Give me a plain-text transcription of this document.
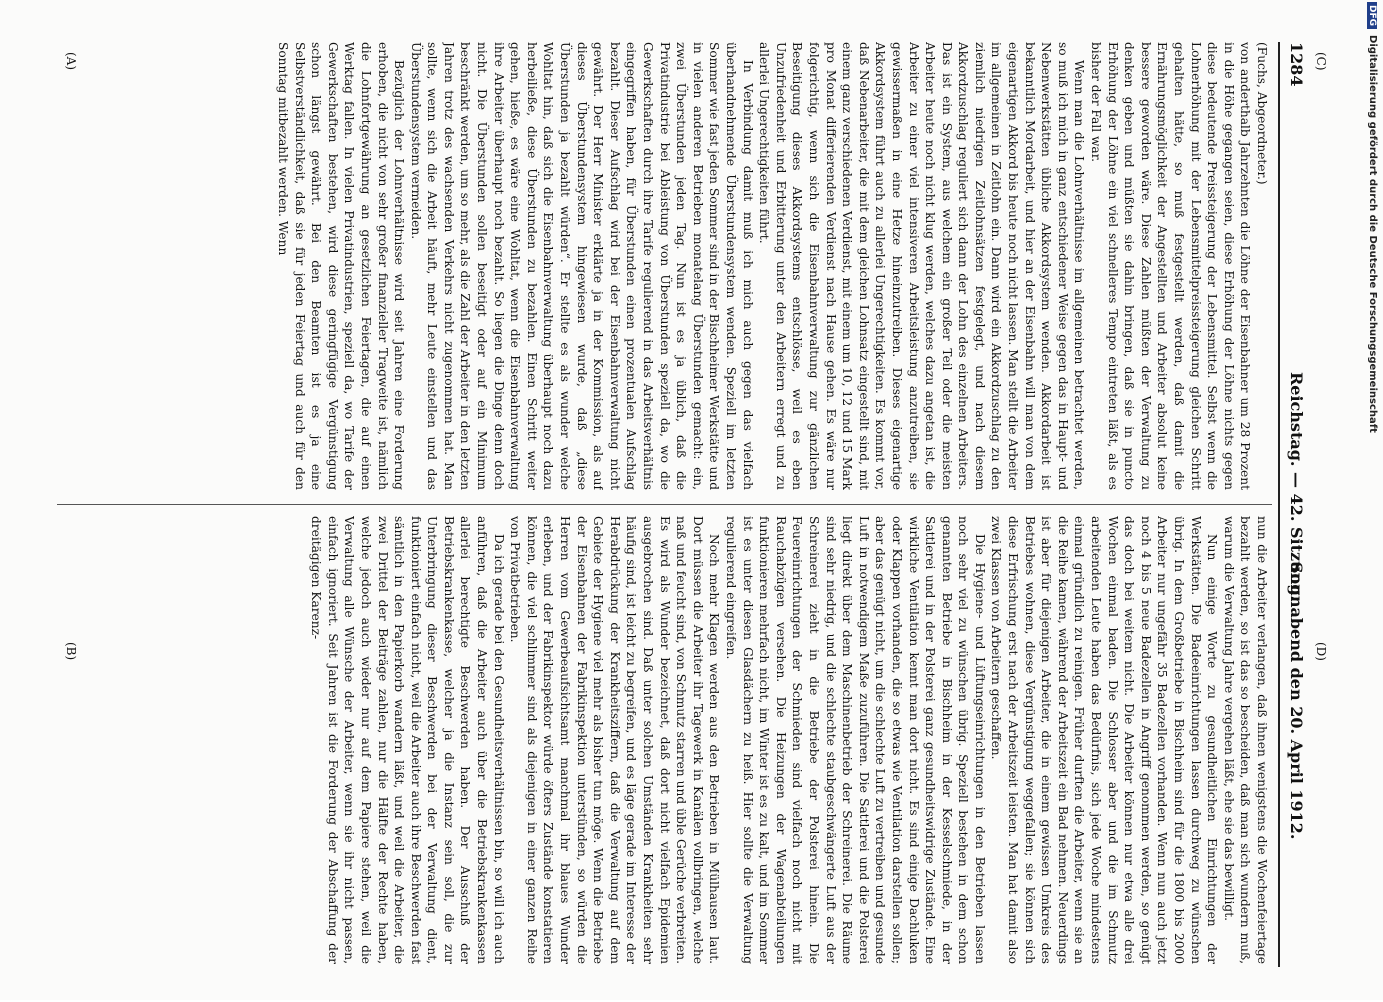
1284
Reichstag. — 42. Sitzung.
Sonnabend den 20. April 1912.

(Fuchs, Abgeordneter.)

von anderthalb Jahrzehnten die Löhne der Eisenbahner um 28 Prozent in die Höhe gegangen seien, diese Erhöhung der Löhne nichts gegen diese bedeutende Preissteigerung der Lebensmittel. Selbst wenn die Lohnerhöhung mit der Lebensmittelpreissteigerung gleichen Schritt gehalten hätte, so muß festgestellt werden, daß damit die Ernährungsmöglichkeit der Angestellten und Arbeiter absolut keine bessere geworden wäre. Diese Zahlen müßten der Verwaltung zu denken geben und müßten sie dahin bringen, daß sie in puncto Erhöhung der Löhne ein viel schnelleres Tempo eintreten läßt, als es bisher der Fall war.

Wenn man die Lohnverhältnisse im allgemeinen betrachtet werden, so muß ich mich in ganz entschiedener Weise gegen das in Haupt- und Nebenwerkstätten übliche Akkordsystem wenden. Akkordarbeit ist bekanntlich Mordarbeit, und hier an der Eisenbahn will man von dem eigenartigen Akkord bis heute noch nicht lassen. Man stellt die Arbeiter im allgemeinen in Zeitlohn ein. Dann wird ein Akkordzuschlag zu den ziemlich niedrigen Zeitlohnsätzen festgelegt, und nach diesem Akkordzuschlag reguliert sich dann der Lohn des einzelnen Arbeiters. Das ist ein System, aus welchem ein großer Teil oder die meisten Arbeiter heute noch nicht klug werden, welches dazu angetan ist, die Arbeiter zu einer viel intensiveren Arbeitsleistung anzutreiben, sie gewissermaßen in eine Hetze hineinzutreiben. Dieses eigenartige Akkordsystem führt auch zu allerlei Ungerechtigkeiten. Es kommt vor, daß Nebenarbeiter, die mit dem gleichen Lohnsatz eingestellt sind, mit einem ganz verschiedenen Verdienst, mit einem um 10, 12 und 15 Mark pro Monat differierenden Verdienst nach Hause gehen. Es wäre nur folgerichtig, wenn sich die Eisenbahnverwaltung zur gänzlichen Beseitigung dieses Akkordsystems entschlösse, weil es eben Unzufriedenheit und Erbitterung unter den Arbeitern erregt und zu allerlei Ungerechtigkeiten führt.

In Verbindung damit muß ich mich auch gegen das vielfach überhandnehmende Überstundensystem wenden. Speziell im letzten Sommer wie fast jeden Sommer sind in der Bischheimer Werkstätte und in vielen anderen Betrieben monatelang Überstunden gemacht: ein, zwei Überstunden jeden Tag. Nun ist es ja üblich, daß die Privatindustrie bei Ableistung von Überstunden speziell da, wo die Gewerkschaften durch ihre Tarife regulierend in das Arbeitsverhältnis eingegriffen haben, für Überstunden einen prozentualen Aufschlag bezahlt. Dieser Aufschlag wird bei der Eisenbahnverwaltung nicht gewährt. Der Herr Minister erklärte ja in der Kommission, als auf dieses Überstundensystem hingewiesen wurde, daß „diese Überstunden ja bezahlt würden“. Er stellte es als wunder welche Wohltat hin, daß sich die Eisenbahnverwaltung überhaupt noch dazu herbeiließe, diese Überstunden zu bezahlen. Einen Schritt weiter gehen, hieße, es wäre eine Wohltat, wenn die Eisenbahnverwaltung ihre Arbeiter überhaupt noch bezahlt. So liegen die Dinge denn doch nicht. Die Überstunden sollen beseitigt oder auf ein Minimum beschränkt werden, um so mehr, als die Zahl der Arbeiter in den letzten Jahren trotz des wachsenden Verkehrs nicht zugenommen hat. Man sollte, wenn sich die Arbeit häuft, mehr Leute einstellen und das Überstundensystem vermeiden.

Bezüglich der Lohnverhältnisse wird seit Jahren eine Forderung erhoben, die nicht von sehr großer finanzieller Tragweite ist, nämlich die Lohnfortgewährung an gesetzlichen Feiertagen, die auf einen Werktag fallen. In vielen Privatindustrien, speziell da, wo Tarife der Gewerkschaften bestehen, wird diese geringfügige Vergünstigung schon längst gewährt. Bei den Beamten ist es ja eine Selbstverständlichkeit, daß sie für jeden Feiertag und auch für den Sonntag mitbezahlt werden. Wenn

nun die Arbeiter verlangen, daß ihnen wenigstens die Wochenfeiertage bezahlt werden, so ist das so bescheiden, daß man sich wundern muß, warum die Verwaltung Jahre vergehen läßt, ehe sie das bewilligt.

Nun einige Worte zu gesundheitlichen Einrichtungen der Werkstätten. Die Badeeinrichtungen lassen durchweg zu wünschen übrig. In dem Großbetriebe in Bischheim sind für die 1800 bis 2000 Arbeiter nur ungefähr 35 Badezellen vorhanden. Wenn nun auch jetzt noch 4 bis 5 neue Badezellen in Angriff genommen werden, so genügt das doch bei weitem nicht. Die Arbeiter können nur etwa alle drei Wochen einmal baden. Die Schlosser aber und die im Schmutz arbeitenden Leute haben das Bedürfnis, sich jede Woche mindestens einmal gründlich zu reinigen. Früher durften die Arbeiter, wenn sie an die Reihe kamen, während der Arbeitszeit ein Bad nehmen. Neuerdings ist aber für diejenigen Arbeiter, die in einem gewissen Umkreis des Betriebes wohnen, diese Vergünstigung weggefallen; sie können sich diese Erfrischung erst nach der Arbeitszeit leisten. Man hat damit also zwei Klassen von Arbeitern geschaffen.

Die Hygiene- und Lüftungseinrichtungen in den Betrieben lassen noch sehr viel zu wünschen übrig. Speziell bestehen in dem schon genannten Betriebe in Bischheim in der Kesselschmiede, in der Sattlerei und in der Polsterei ganz gesundheitswidrige Zustände. Eine wirkliche Ventilation kennt man dort nicht. Es sind einige Dachluken oder Klappen vorhanden, die so etwas wie Ventilation darstellen sollen; aber das genügt nicht, um die schlechte Luft zu vertreiben und gesunde Luft in notwendigem Maße zuzuführen. Die Sattlerei und die Polsterei liegt direkt über dem Maschinenbetrieb der Schreinerei. Die Räume sind sehr niedrig, und die schlechte staubgeschwängerte Luft aus der Schreinerei zieht in die Betriebe der Polsterei hinein. Die Feuereinrichtungen der Schmieden sind vielfach noch nicht mit Rauchabzügen versehen. Die Heizungen der Wagenabteilungen funktionieren mehrfach nicht, im Winter ist es zu kalt, und im Sommer ist es unter diesen Glasdächern zu heiß. Hier sollte die Verwaltung regulierend eingreifen.

Noch mehr Klagen werden aus den Betrieben in Mülhausen laut. Dort müssen die Arbeiter ihr Tagewerk in Kanälen vollbringen, welche naß und feucht sind, von Schmutz starren und üble Gerüche verbreiten. Es wird als Wunder bezeichnet, daß dort nicht vielfach Epidemien ausgebrochen sind. Daß unter solchen Umständen Krankheiten sehr häufig sind, ist leicht zu begreifen, und es läge gerade im Interesse der Herabdrückung der Krankheitsziffern, daß die Verwaltung auf dem Gebiete der Hygiene viel mehr als bisher tun möge. Wenn die Betriebe der Eisenbahnen der Fabrikinspektion unterstünden, so würden die Herren vom Gewerbeaufsichtsamt manchmal ihr blaues Wunder erleben, und der Fabrikinspektor würde öfters Zustände konstatieren können, die viel schlimmer sind als diejenigen in einer ganzen Reihe von Privatbetrieben.

Da ich gerade bei den Gesundheitsverhältnissen bin, so will ich auch anführen, daß die Arbeiter auch über die Betriebskrankenkassen allerlei berechtigte Beschwerden haben. Der Ausschuß der Betriebskrankenkasse, welcher ja die Instanz sein soll, die zur Unterbringung dieser Beschwerden bei der Verwaltung dient, funktioniert einfach nicht, weil die Arbeiter auch ihre Beschwerden fast sämtlich in den Papierkorb wandern läßt, und weil die Arbeiter, die zwei Drittel der Beiträge zahlen, nur die Hälfte der Rechte haben, welche jedoch auch wieder nur auf dem Papiere stehen, weil die Verwaltung alle Wünsche der Arbeiter, wenn sie ihr nicht passen, einfach ignoriert. Seit Jahren ist die Forderung der Abschaffung der dreitägigen Karenz-

(A)
(B)
(C)
(D)
DFGDigitalisierung gefördert durch die Deutsche Forschungsgemeinschaft
